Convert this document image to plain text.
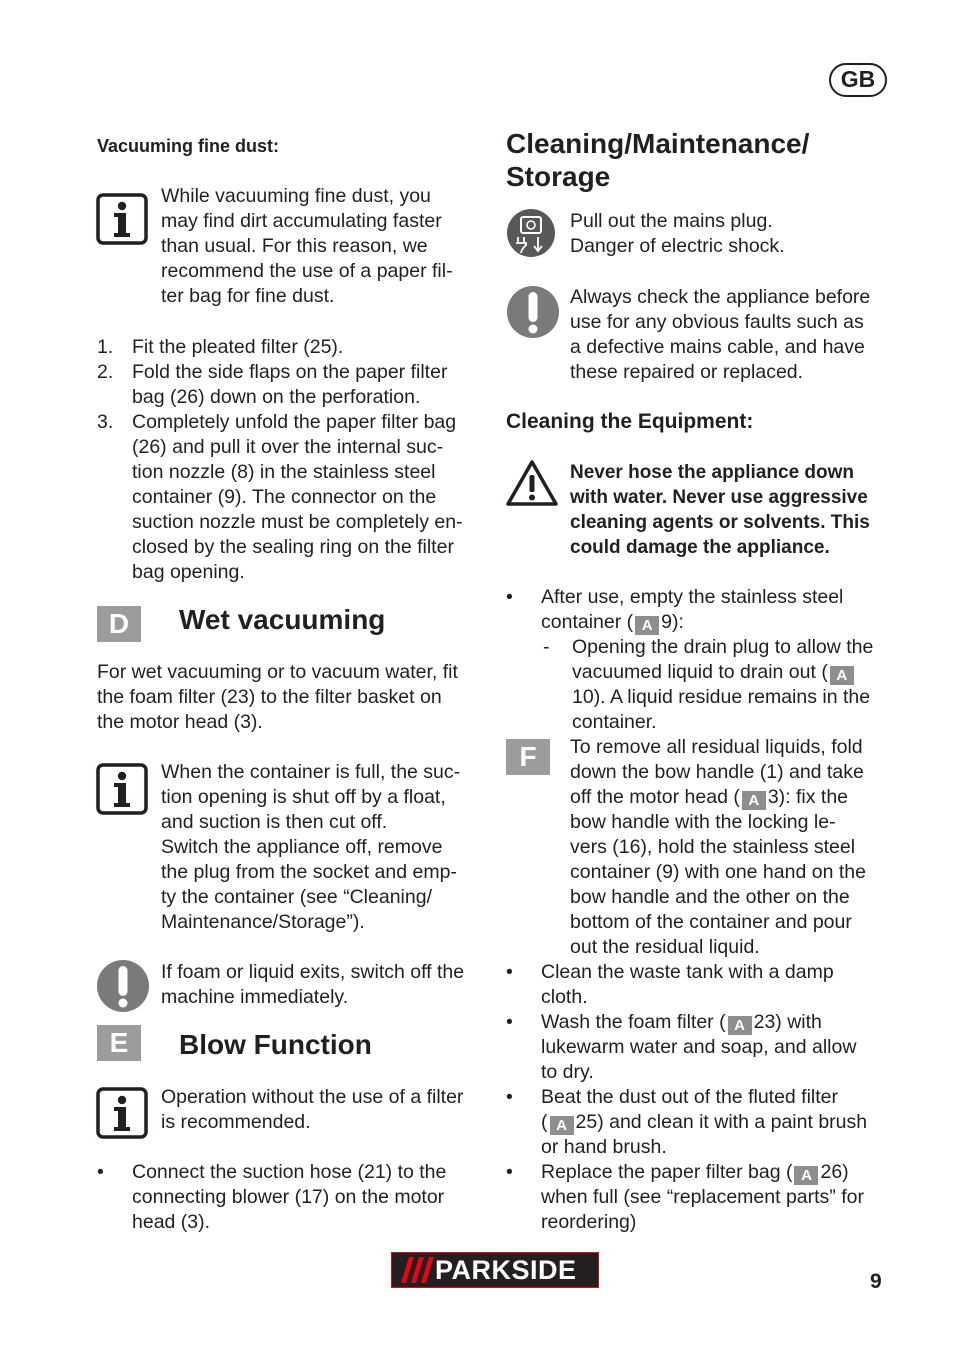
GB
Vacuuming fine dust:
While vacuuming fine dust, you
may find dirt accumulating faster
than usual. For this reason, we
recommend the use of a paper fil-
ter bag for fine dust.
1. Fit the pleated filter (25).
2. Fold the side flaps on the paper filter
bag (26) down on the perforation.
3. Completely unfold the paper filter bag
(26) and pull it over the internal suc-
tion nozzle (8) in the stainless steel
container (9). The connector on the
suction nozzle must be completely en-
closed by the sealing ring on the filter
bag opening.
D	Wet vacuuming
For wet vacuuming or to vacuum water, fit
the foam filter (23) to the filter basket on
the motor head (3).
When the container is full, the suc-
tion opening is shut off by a float,
and suction is then cut off.
Switch the appliance off, remove
the plug from the socket and emp-
ty the container (see “Cleaning/
Maintenance/Storage”).
If foam or liquid exits, switch off the
machine immediately.
E	Blow Function
Operation without the use of a filter
is recommended.
• Connect the suction hose (21) to the
connecting blower (17) on the motor
head (3).
Cleaning/Maintenance/
Storage
Pull out the mains plug.
Danger of electric shock.
Always check the appliance before
use for any obvious faults such as
a defective mains cable, and have
these repaired or replaced.
Cleaning the Equipment:
Never hose the appliance down
with water. Never use aggressive
cleaning agents or solvents. This
could damage the appliance.
• After use, empty the stainless steel
container ( A 9):
- Opening the drain plug to allow the
vacuumed liquid to drain out ( A
10). A liquid residue remains in the
container.
F	To remove all residual liquids, fold
down the bow handle (1) and take
off the motor head ( A 3): fix the
bow handle with the locking le-
vers (16), hold the stainless steel
container (9) with one hand on the
bow handle and the other on the
bottom of the container and pour
out the residual liquid.
• Clean the waste tank with a damp
cloth.
• Wash the foam filter ( A 23) with
lukewarm water and soap, and allow
to dry.
• Beat the dust out of the fluted filter
( A 25) and clean it with a paint brush
or hand brush.
• Replace the paper filter bag ( A 26)
when full (see “replacement parts” for
reordering)
PARKSIDE	9
